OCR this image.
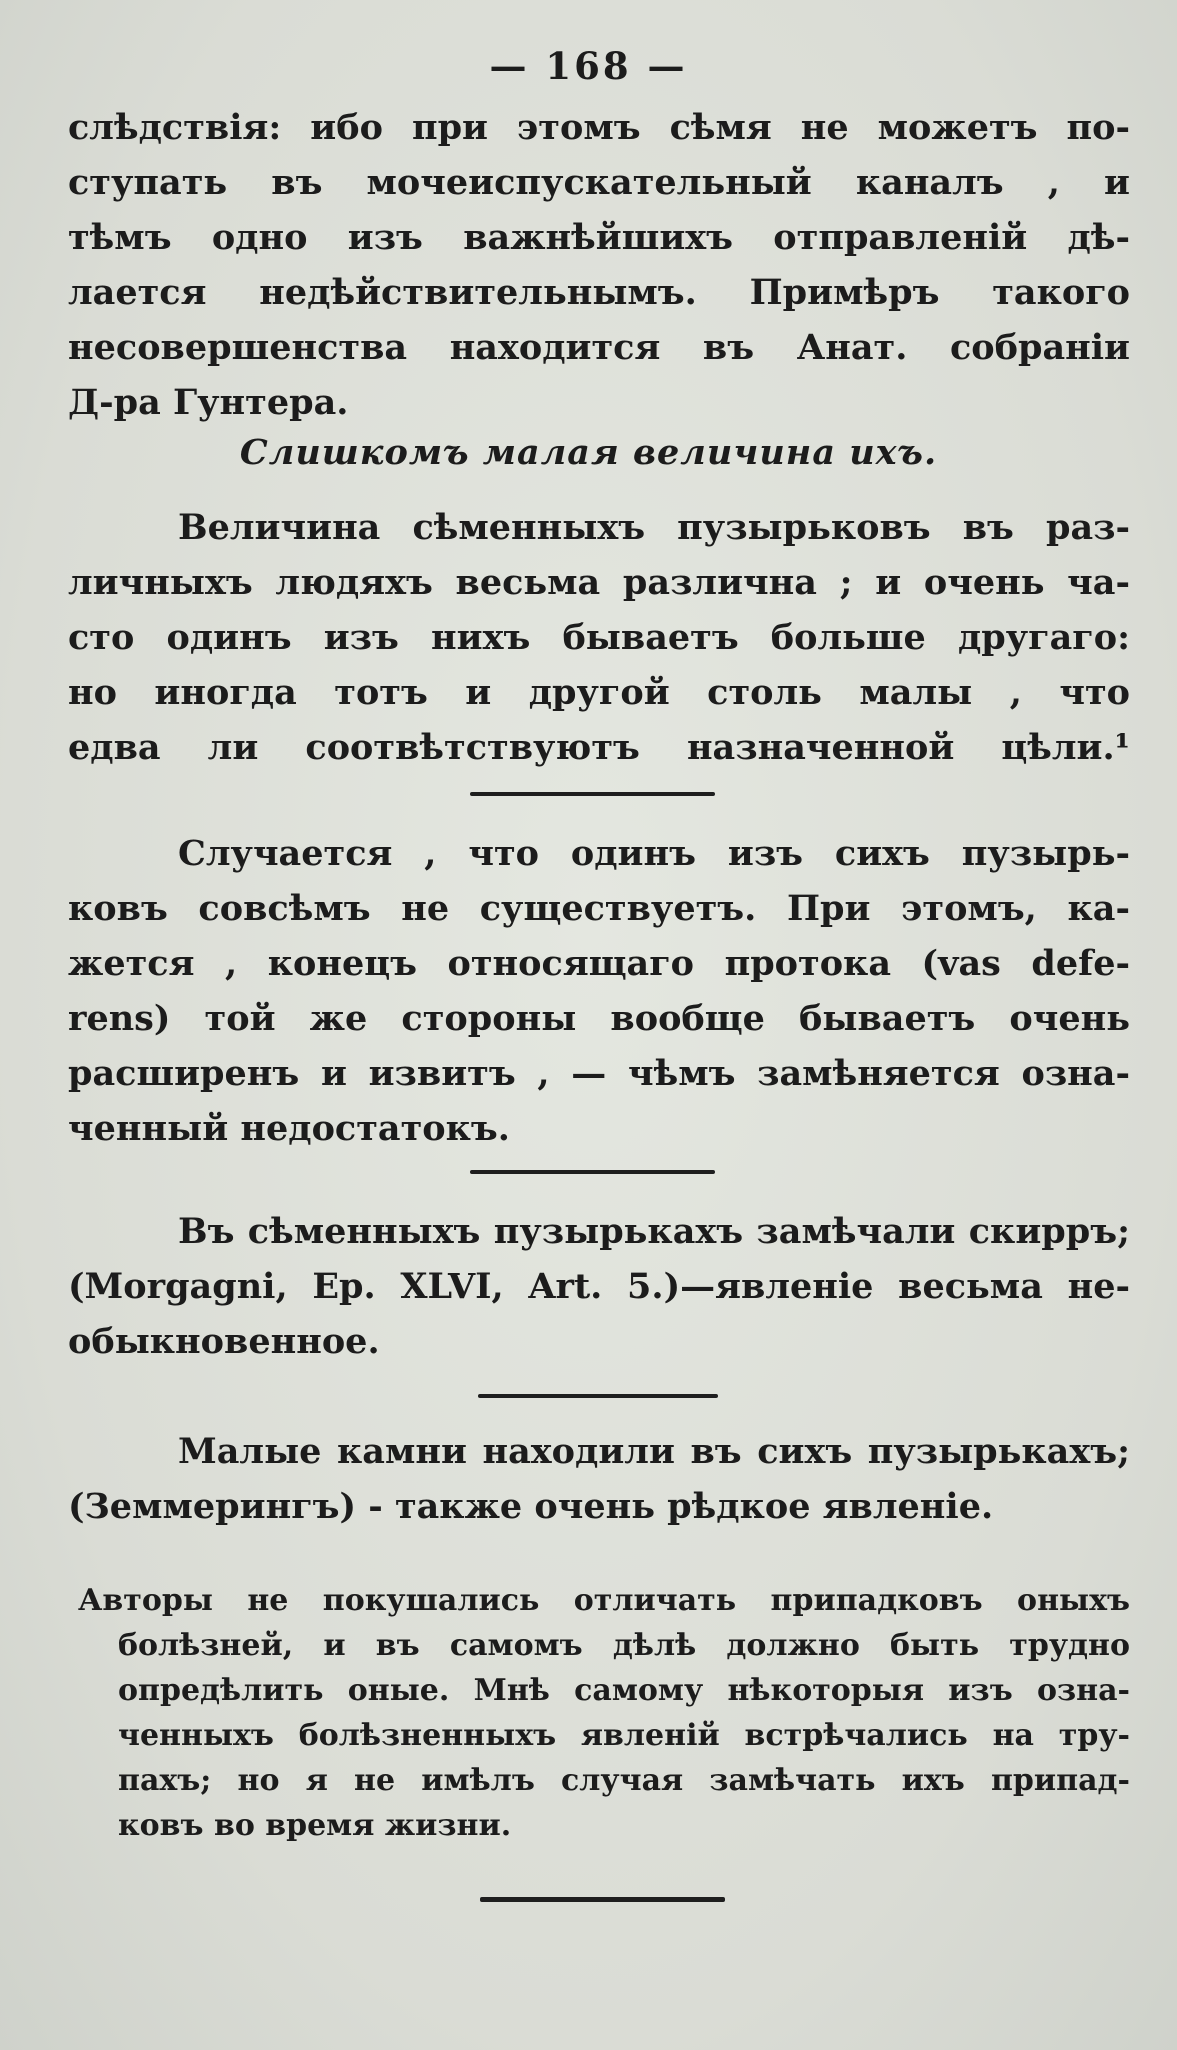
— 168 —
слѣдствія: ибо при этомъ сѣмя не можетъ по-
ступать въ мочеиспускательный каналъ , и
тѣмъ одно изъ важнѣйшихъ отправленій дѣ-
лается недѣйствительнымъ. Примѣръ такого
несовершенства находится въ Анат. собраніи
Д-ра Гунтера.
Слишкомъ малая величина ихъ.
Величина сѣменныхъ пузырьковъ въ раз-
личныхъ людяхъ весьма различна ; и очень ча-
сто одинъ изъ нихъ бываетъ больше другаго:
но иногда тотъ и другой столь малы , что
едва ли соотвѣтствуютъ назначенной цѣли.¹
Случается , что одинъ изъ сихъ пузырь-
ковъ совсѣмъ не существуетъ. При этомъ, ка-
жется , конецъ относящаго протока (vas defe-
rens) той же стороны вообще бываетъ очень
расширенъ и извитъ , — чѣмъ замѣняется озна-
ченный недостатокъ.
Въ сѣменныхъ пузырькахъ замѣчали скирръ;
(Morgagni, Ep. XLVI, Art. 5.)—явленіе весьма не-
обыкновенное.
Малые камни находили въ сихъ пузырькахъ;
(Земмерингъ) - также очень рѣдкое явленіе.
Авторы не покушались отличать припадковъ оныхъ
болѣзней, и въ самомъ дѣлѣ должно быть трудно
опредѣлить оные. Мнѣ самому нѣкоторыя изъ озна-
ченныхъ болѣзненныхъ явленій встрѣчались на тру-
пахъ; но я не имѣлъ случая замѣчать ихъ припад-
ковъ во время жизни.
